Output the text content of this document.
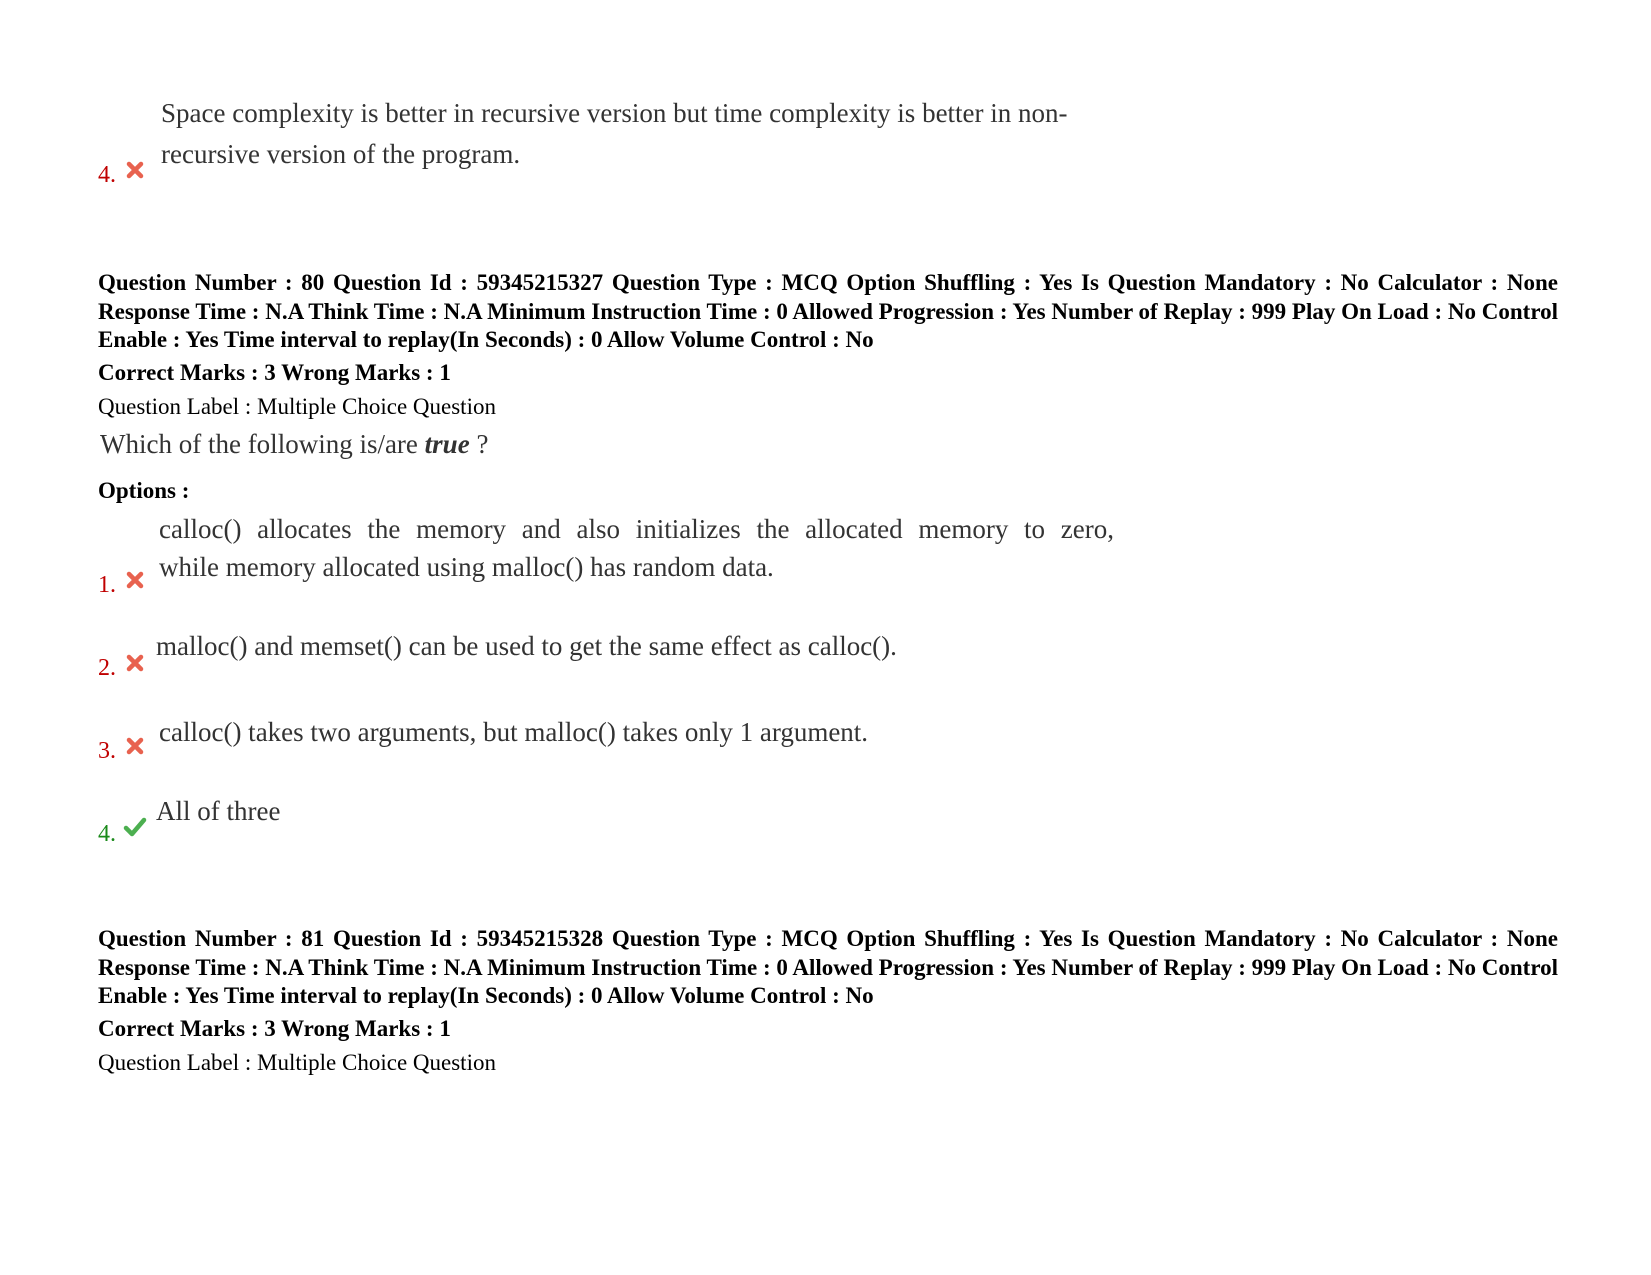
4.
Space complexity is better in recursive version but time complexity is better in non-
recursive version of the program.
Question Number : 80 Question Id : 59345215327 Question Type : MCQ Option Shuffling : Yes Is Question Mandatory : No Calculator : None Response Time : N.A Think Time : N.A Minimum Instruction Time : 0 Allowed Progression : Yes Number of Replay : 999 Play On Load : No Control Enable : Yes Time interval to replay(In Seconds) : 0 Allow Volume Control : No
Correct Marks : 3 Wrong Marks : 1
Question Label : Multiple Choice Question
Which of the following is/are true ?
Options :
1.
calloc() allocates the memory and also initializes the allocated memory to zero,
while memory allocated using malloc() has random data.
2.
malloc() and memset() can be used to get the same effect as calloc().
3.
calloc() takes two arguments, but malloc() takes only 1 argument.
4.
All of three
Question Number : 81 Question Id : 59345215328 Question Type : MCQ Option Shuffling : Yes Is Question Mandatory : No Calculator : None Response Time : N.A Think Time : N.A Minimum Instruction Time : 0 Allowed Progression : Yes Number of Replay : 999 Play On Load : No Control Enable : Yes Time interval to replay(In Seconds) : 0 Allow Volume Control : No
Correct Marks : 3 Wrong Marks : 1
Question Label : Multiple Choice Question
